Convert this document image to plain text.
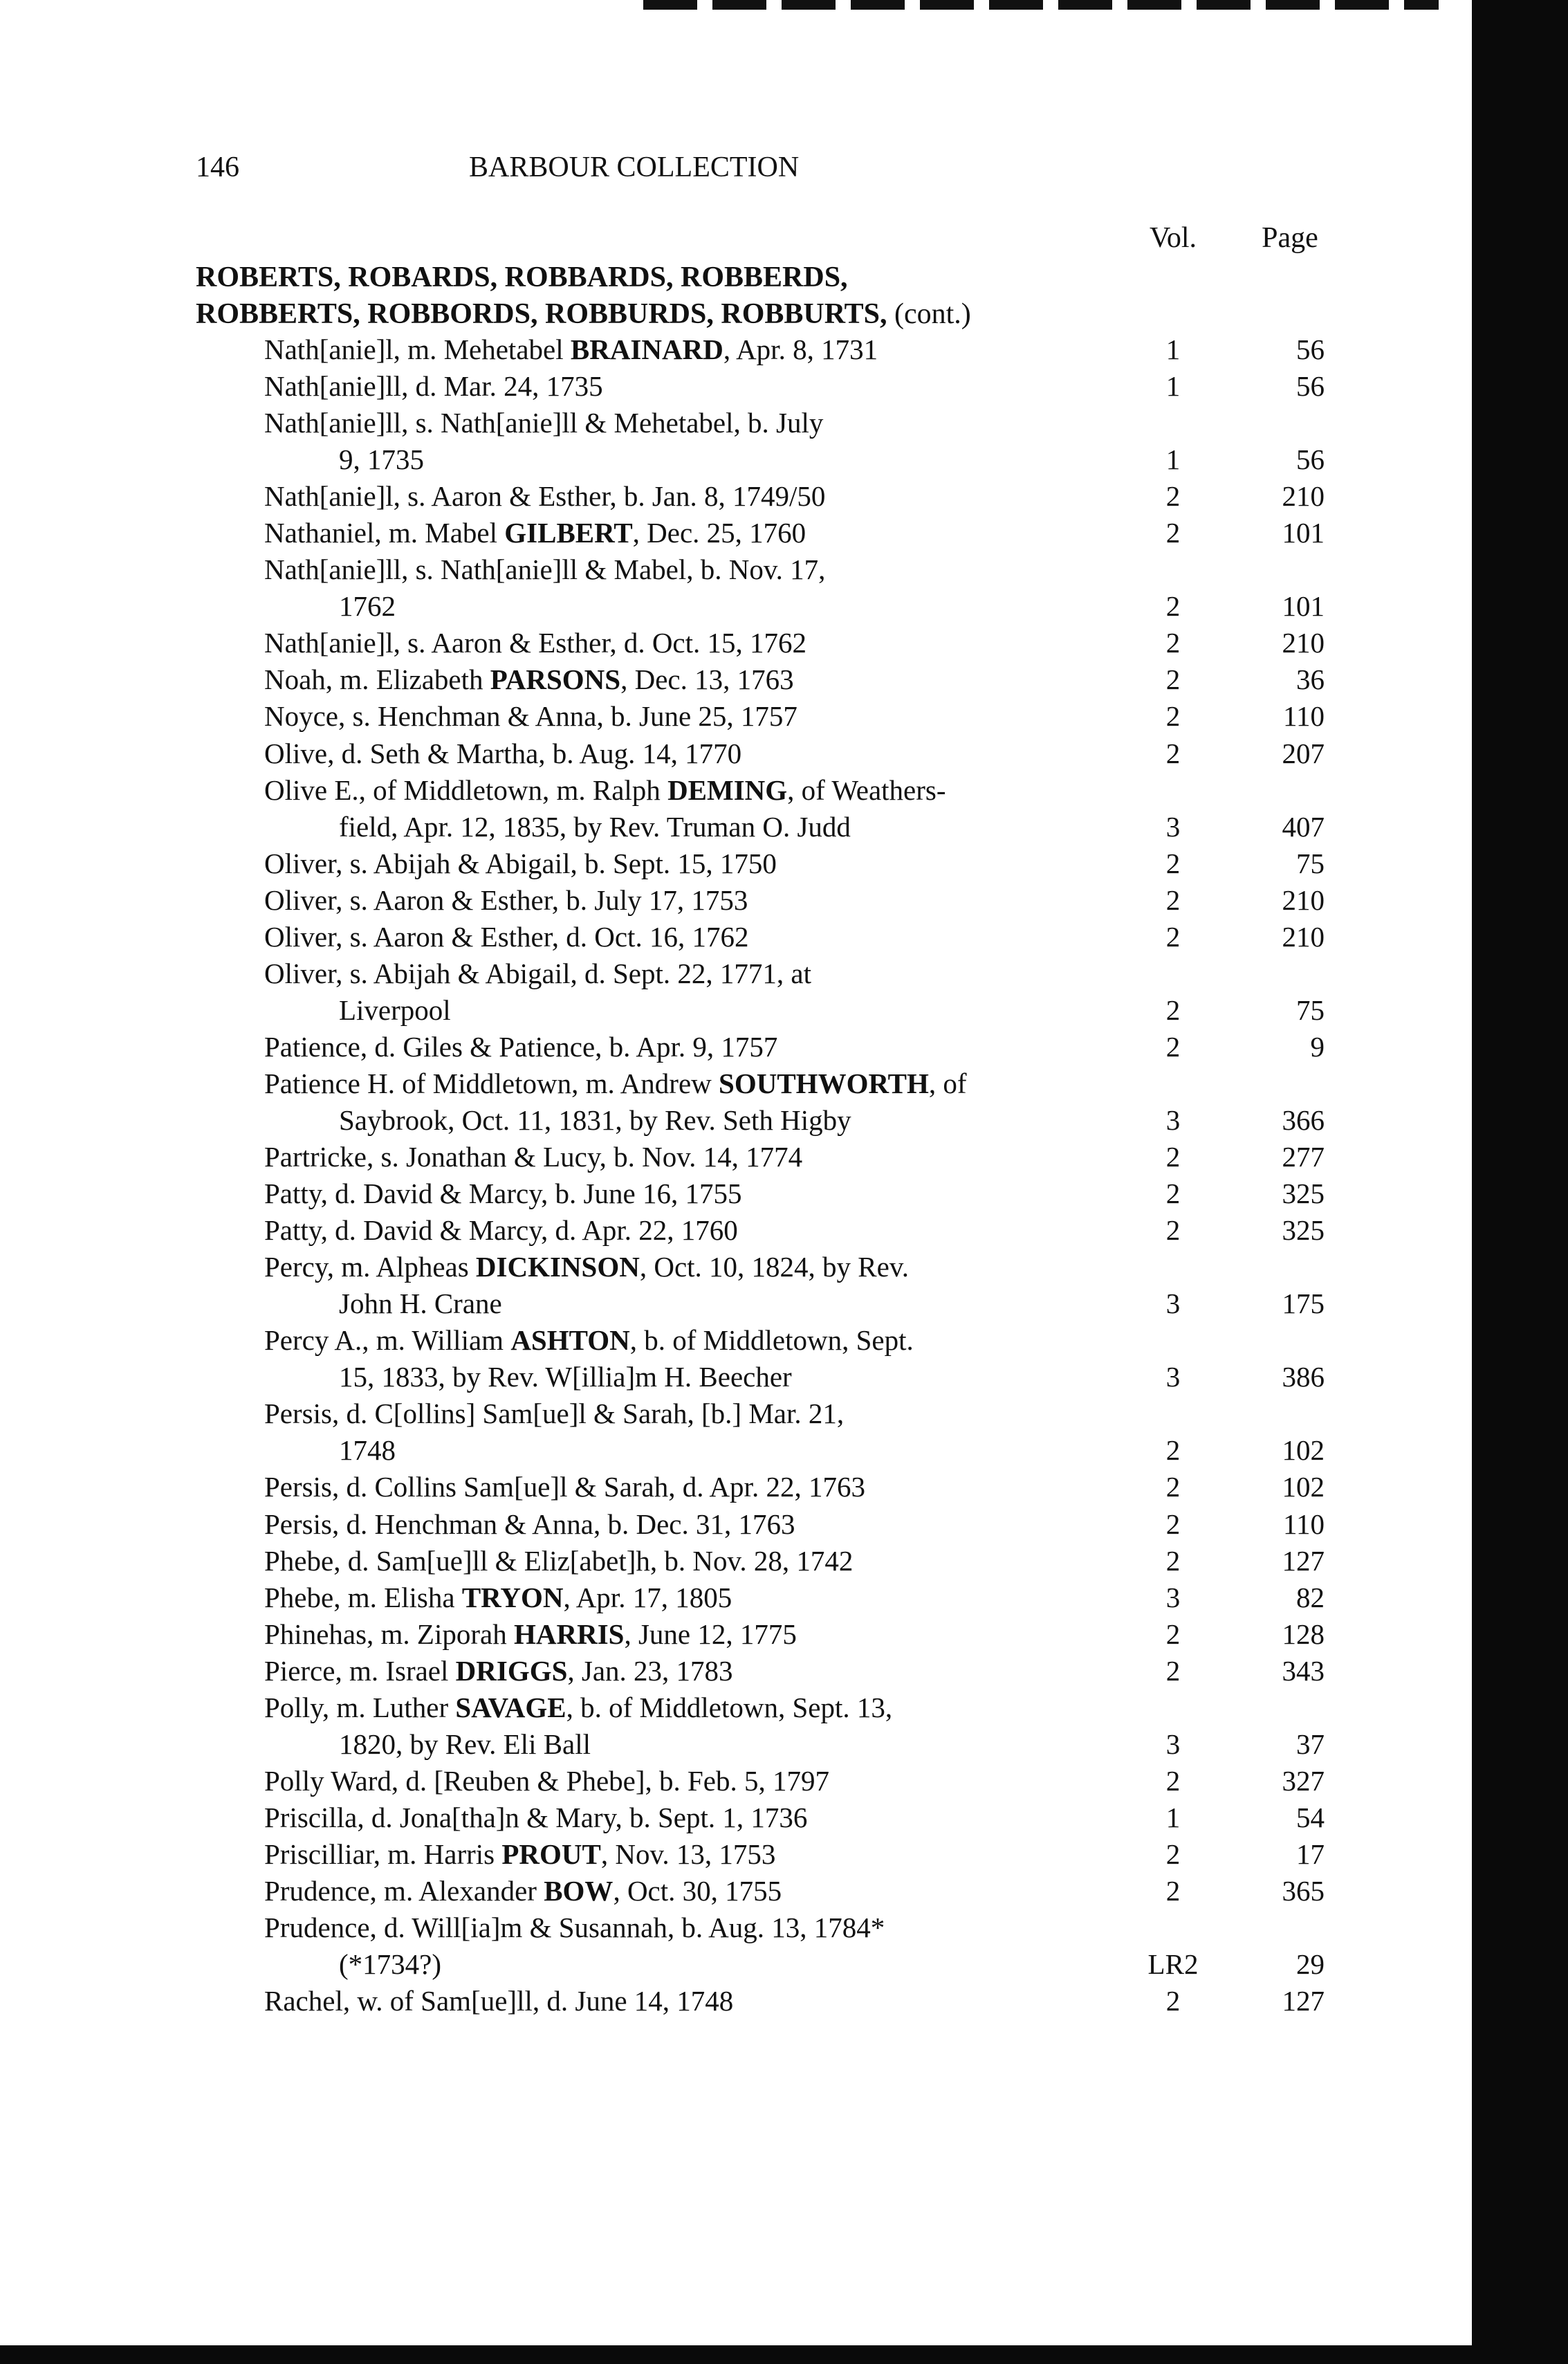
146	BARBOUR COLLECTION
Vol.	Page
ROBERTS, ROBARDS, ROBBARDS, ROBBERDS,
ROBBERTS, ROBBORDS, ROBBURDS, ROBBURTS, (cont.)
Nath[anie]l, m. Mehetabel BRAINARD, Apr. 8, 1731	1	56
Nath[anie]ll, d. Mar. 24, 1735	1	56
Nath[anie]ll, s. Nath[anie]ll & Mehetabel, b. July
9, 1735	1	56
Nath[anie]l, s. Aaron & Esther, b. Jan. 8, 1749/50	2	210
Nathaniel, m. Mabel GILBERT, Dec. 25, 1760	2	101
Nath[anie]ll, s. Nath[anie]ll & Mabel, b. Nov. 17,
1762	2	101
Nath[anie]l, s. Aaron & Esther, d. Oct. 15, 1762	2	210
Noah, m. Elizabeth PARSONS, Dec. 13, 1763	2	36
Noyce, s. Henchman & Anna, b. June 25, 1757	2	110
Olive, d. Seth & Martha, b. Aug. 14, 1770	2	207
Olive E., of Middletown, m. Ralph DEMING, of Weathers-
field, Apr. 12, 1835, by Rev. Truman O. Judd	3	407
Oliver, s. Abijah & Abigail, b. Sept. 15, 1750	2	75
Oliver, s. Aaron & Esther, b. July 17, 1753	2	210
Oliver, s. Aaron & Esther, d. Oct. 16, 1762	2	210
Oliver, s. Abijah & Abigail, d. Sept. 22, 1771, at
Liverpool	2	75
Patience, d. Giles & Patience, b. Apr. 9, 1757	2	9
Patience H. of Middletown, m. Andrew SOUTHWORTH, of
Saybrook, Oct. 11, 1831, by Rev. Seth Higby	3	366
Partricke, s. Jonathan & Lucy, b. Nov. 14, 1774	2	277
Patty, d. David & Marcy, b. June 16, 1755	2	325
Patty, d. David & Marcy, d. Apr. 22, 1760	2	325
Percy, m. Alpheas DICKINSON, Oct. 10, 1824, by Rev.
John H. Crane	3	175
Percy A., m. William ASHTON, b. of Middletown, Sept.
15, 1833, by Rev. W[illia]m H. Beecher	3	386
Persis, d. C[ollins] Sam[ue]l & Sarah, [b.] Mar. 21,
1748	2	102
Persis, d. Collins Sam[ue]l & Sarah, d. Apr. 22, 1763	2	102
Persis, d. Henchman & Anna, b. Dec. 31, 1763	2	110
Phebe, d. Sam[ue]ll & Eliz[abet]h, b. Nov. 28, 1742	2	127
Phebe, m. Elisha TRYON, Apr. 17, 1805	3	82
Phinehas, m. Ziporah HARRIS, June 12, 1775	2	128
Pierce, m. Israel DRIGGS, Jan. 23, 1783	2	343
Polly, m. Luther SAVAGE, b. of Middletown, Sept. 13,
1820, by Rev. Eli Ball	3	37
Polly Ward, d. [Reuben & Phebe], b. Feb. 5, 1797	2	327
Priscilla, d. Jona[tha]n & Mary, b. Sept. 1, 1736	1	54
Priscilliar, m. Harris PROUT, Nov. 13, 1753	2	17
Prudence, m. Alexander BOW, Oct. 30, 1755	2	365
Prudence, d. Will[ia]m & Susannah, b. Aug. 13, 1784*
(*1734?)	LR2	29
Rachel, w. of Sam[ue]ll, d. June 14, 1748	2	127
